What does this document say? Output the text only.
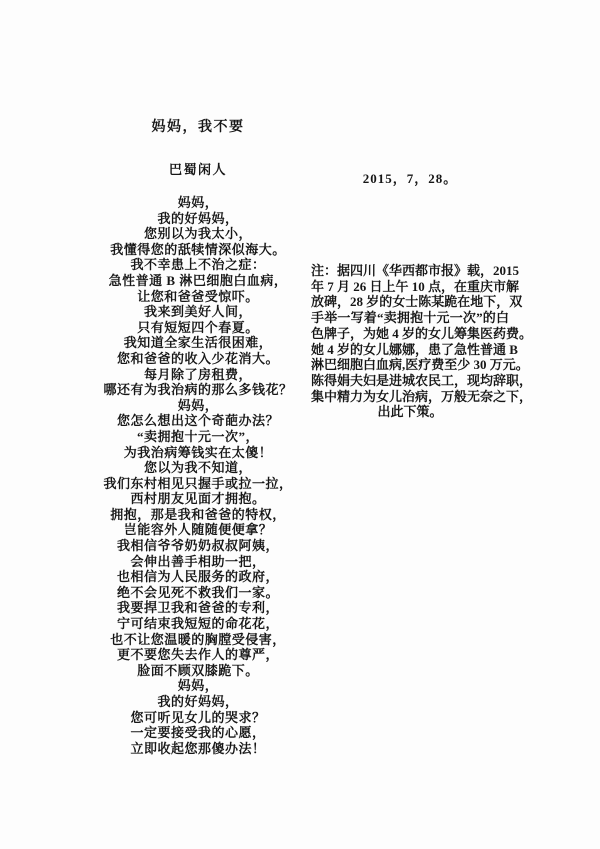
妈妈，我不要
巴蜀闲人
妈妈，
我的好妈妈，
您别以为我太小，
我懂得您的舐犊情深似海大。
我不幸患上不治之症：
急性普通 B 淋巴细胞白血病，
让您和爸爸受惊吓。
我来到美好人间，
只有短短四个春夏。
我知道全家生活很困难，
您和爸爸的收入少花消大。
每月除了房租费，
哪还有为我治病的那么多钱花？
妈妈，
您怎么想出这个奇葩办法？
“卖拥抱十元一次”，
为我治病筹钱实在太傻！
您以为我不知道，
我们东村相见只握手或拉一拉，
西村朋友见面才拥抱。
拥抱，那是我和爸爸的特权，
岂能容外人随随便便拿？
我相信爷爷奶奶叔叔阿姨，
会伸出善手相助一把，
也相信为人民服务的政府，
绝不会见死不救我们一家。
我要捍卫我和爸爸的专利，
宁可结束我短短的命花花，
也不让您温暖的胸膛受侵害，
更不要您失去作人的尊严，
脸面不顾双膝跪下。
妈妈，
我的好妈妈，
您可听见女儿的哭求？
一定要接受我的心愿，
立即收起您那傻办法！
2015，7，28。
注：据四川《华西都市报》载，2015
年 7 月 26 日上午 10 点，在重庆市解
放碑，28 岁的女士陈某跪在地下，双
手举一写着“卖拥抱十元一次”的白
色牌子，为她 4 岁的女儿筹集医药费。
她 4 岁的女儿娜娜，患了急性普通 B
淋巴细胞白血病,医疗费至少 30 万元。
陈得娟夫妇是进城农民工，现均辞职，
集中精力为女儿治病，万般无奈之下，
出此下策。
